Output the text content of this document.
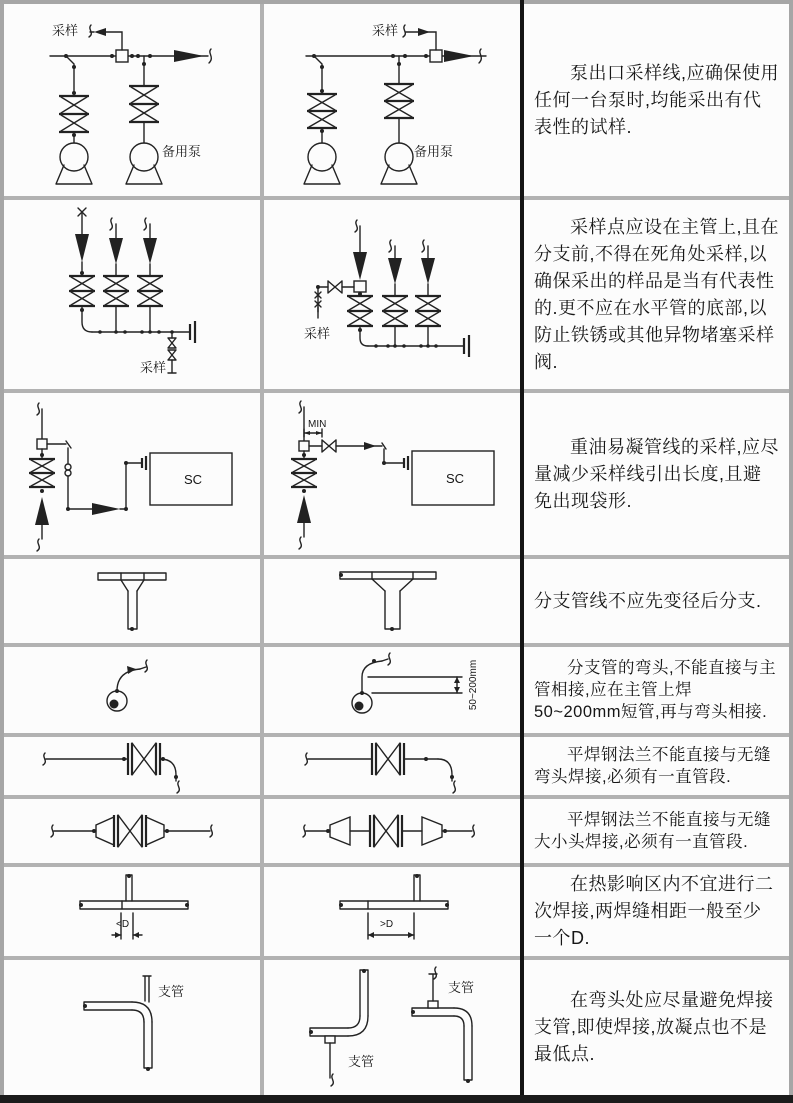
采样
备用泵
采样
备用泵

泵出口采样线,应确保使用任何一台泵时,均能采出有代表性的试样.

采样
采样

采样点应设在主管上,且在分支前,不得在死角处采样,以确保采出的样品是当有代表性的.更不应在水平管的底部,以防止铁锈或其他异物堵塞采样阀.

SC
MIN
SC

重油易凝管线的采样,应尽量减少采样线引出长度,且避免出现袋形.

分支管线不应先变径后分支.

50~200mm	分支管的弯头,不能直接与主管相接,应在主管上焊50~200mm短管,再与弯头相接.

平焊钢法兰不能直接与无缝弯头焊接,必须有一直管段.

平焊钢法兰不能直接与无缝大小头焊接,必须有一直管段.

<D	>D

在热影响区内不宜进行二次焊接,两焊缝相距一般至少一个D.

支管
支管
支管

在弯头处应尽量避免焊接支管,即使焊接,放凝点也不是最低点.
